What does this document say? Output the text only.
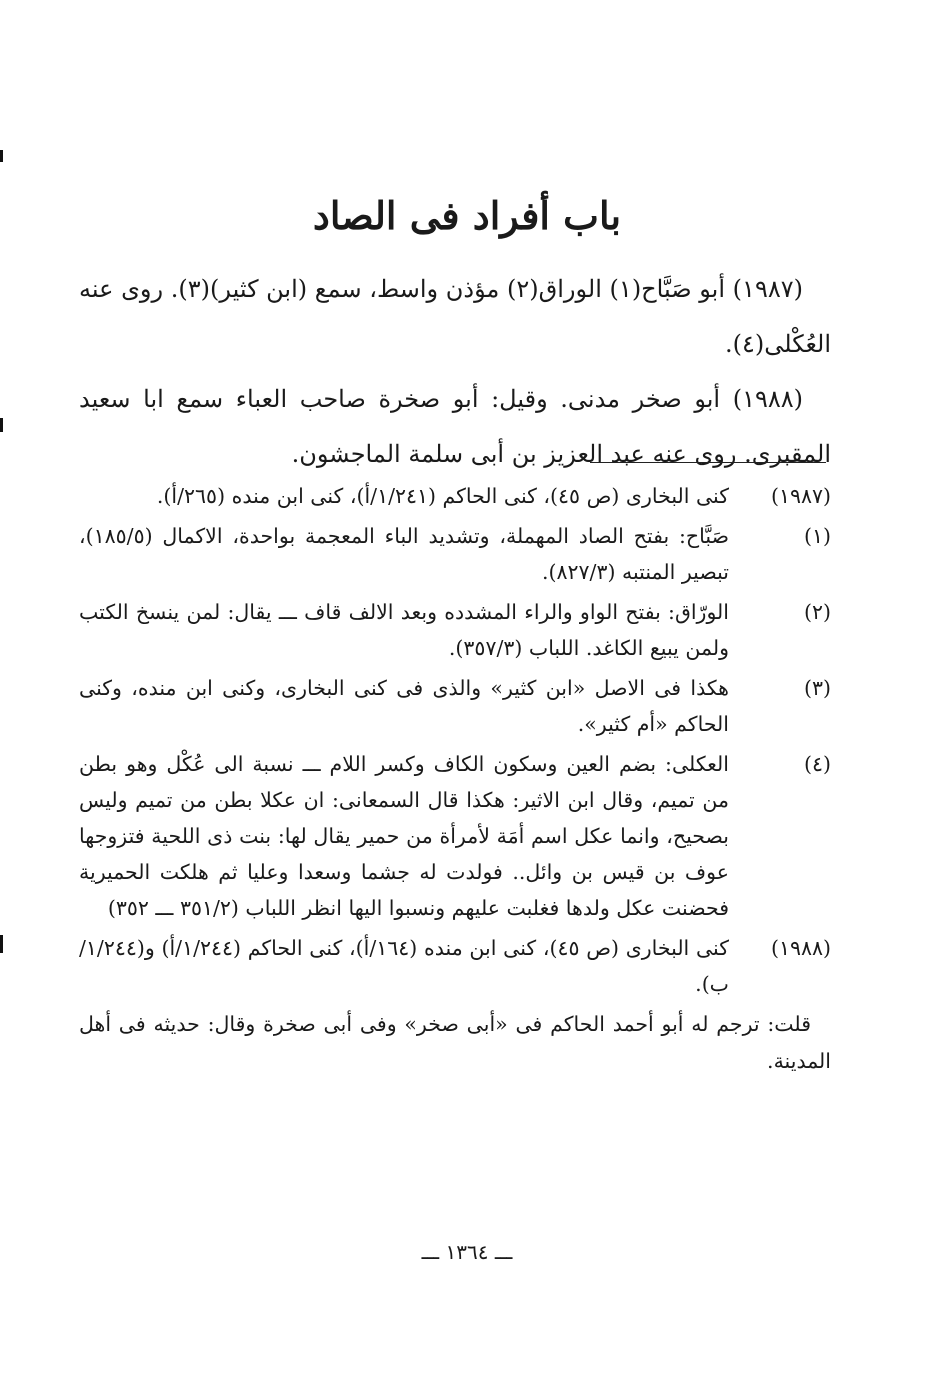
باب أفراد فى الصاد

(١٩٨٧) أبو صَبَّاح(١) الوراق(٢) مؤذن واسط، سمع (ابن كثير)(٣). روى عنه العُكْلى(٤).

(١٩٨٨) أبو صخر مدنى. وقيل: أبو صخرة صاحب العباء سمع ابا سعيد المقبرى. روى عنه عبد العزيز بن أبى سلمة الماجشون.

(١٩٨٧)

كنى البخارى (ص ٤٥)، كنى الحاكم (١/٢٤١/أ)، كنى ابن منده (٢٦٥/أ).

(١)

صَبَّاح: بفتح الصاد المهملة، وتشديد الباء المعجمة بواحدة، الاكمال (١٨٥/٥)، تبصير المنتبه (٨٢٧/٣).

(٢)

الورّاق: بفتح الواو والراء المشدده وبعد الالف قاف ـــ يقال: لمن ينسخ الكتب ولمن يبيع الكاغد. اللباب (٣٥٧/٣).

(٣)

هكذا فى الاصل «ابن كثير» والذى فى كنى البخارى، وكنى ابن منده، وكنى الحاكم «أم كثير».

(٤)

العكلى: بضم العين وسكون الكاف وكسر اللام ـــ نسبة الى عُكْل وهو بطن من تميم، وقال ابن الاثير: هكذا قال السمعانى: ان عكلا بطن من تميم وليس بصحيح، وانما عكل اسم أمَة لأمرأة من حمير يقال لها: بنت ذى اللحية فتزوجها عوف بن قيس بن وائل.. فولدت له جشما وسعدا وعليا ثم هلكت الحميرية فحضنت عكل ولدها فغلبت عليهم ونسبوا اليها انظر اللباب (٣٥١/٢ ـــ ٣٥٢)

(١٩٨٨)

كنى البخارى (ص ٤٥)، كنى ابن منده (١٦٤/أ)، كنى الحاكم (١/٢٤٤/أ) و(١/٢٤٤/ب).

قلت: ترجم له أبو أحمد الحاكم فى «أبى صخر» وفى أبى صخرة وقال: حديثه فى أهل المدينة.

ـــ ١٣٦٤ ـــ
